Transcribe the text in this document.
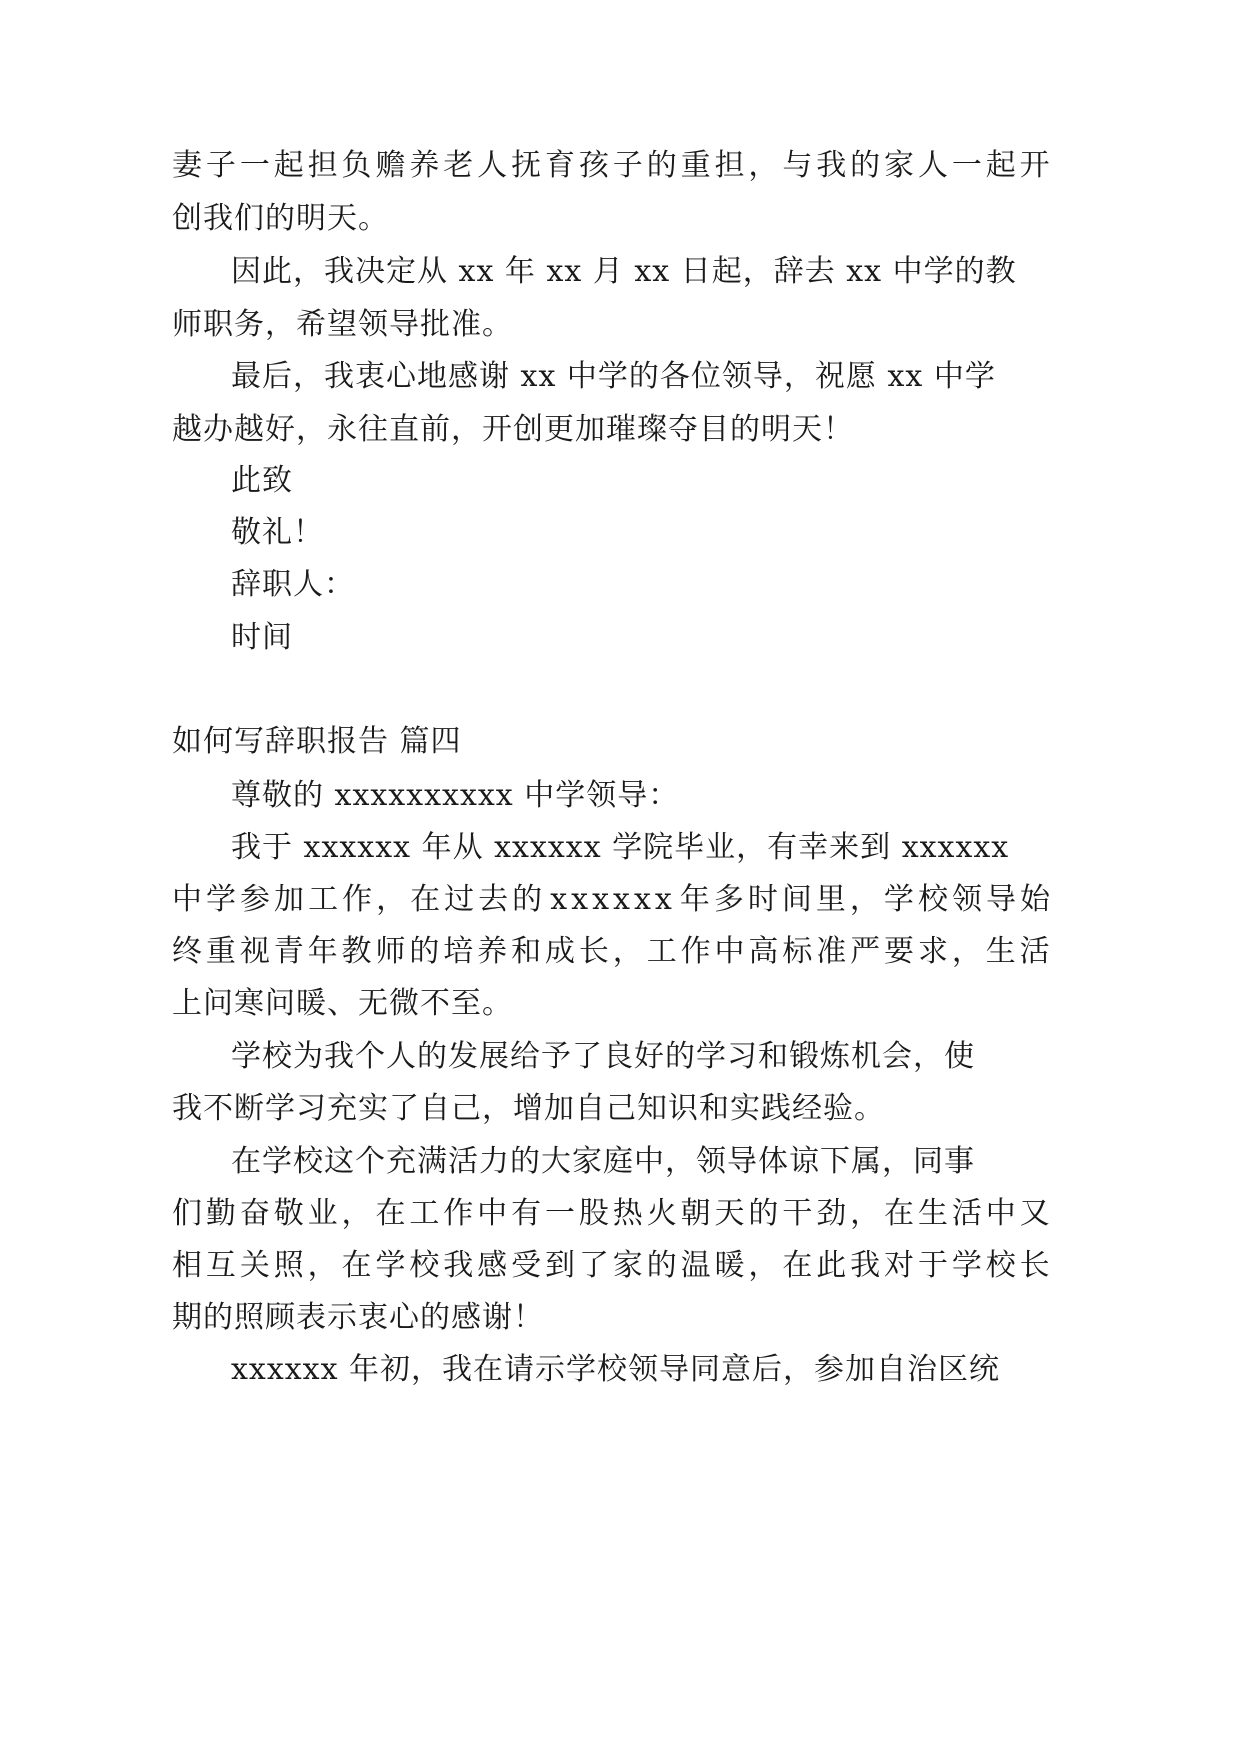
妻 子 一 起 担 负 赡 养 老 人 抚 育 孩 子 的 重 担 ， 与 我 的 家 人 一 起 开
创我们的明天。
因此，我决定从 xx 年 xx 月 xx 日起，辞去 xx 中学的教
师职务，希望领导批准。
最后，我衷心地感谢 xx 中学的各位领导，祝愿 xx 中学
越办越好，永往直前，开创更加璀璨夺目的明天！
此致
敬礼！
辞职人：
时间
如何写辞职报告 篇四
尊敬的 xxxxxxxxxx 中学领导：
我于 xxxxxx 年从 xxxxxx 学院毕业，有幸来到 xxxxxx
中 学 参 加 工 作 ， 在 过 去 的 x x x x x x 年 多 时 间 里 ， 学 校 领 导 始
终 重 视 青 年 教 师 的 培 养 和 成 长 ， 工 作 中 高 标 准 严 要 求 ， 生 活
上问寒问暖、无微不至。
学校为我个人的发展给予了良好的学习和锻炼机会，使
我不断学习充实了自己，增加自己知识和实践经验。
在学校这个充满活力的大家庭中，领导体谅下属，同事
们 勤 奋 敬 业 ， 在 工 作 中 有 一 股 热 火 朝 天 的 干 劲 ， 在 生 活 中 又
相 互 关 照 ， 在 学 校 我 感 受 到 了 家 的 温 暖 ， 在 此 我 对 于 学 校 长
期的照顾表示衷心的感谢！
xxxxxx 年初，我在请示学校领导同意后，参加自治区统
